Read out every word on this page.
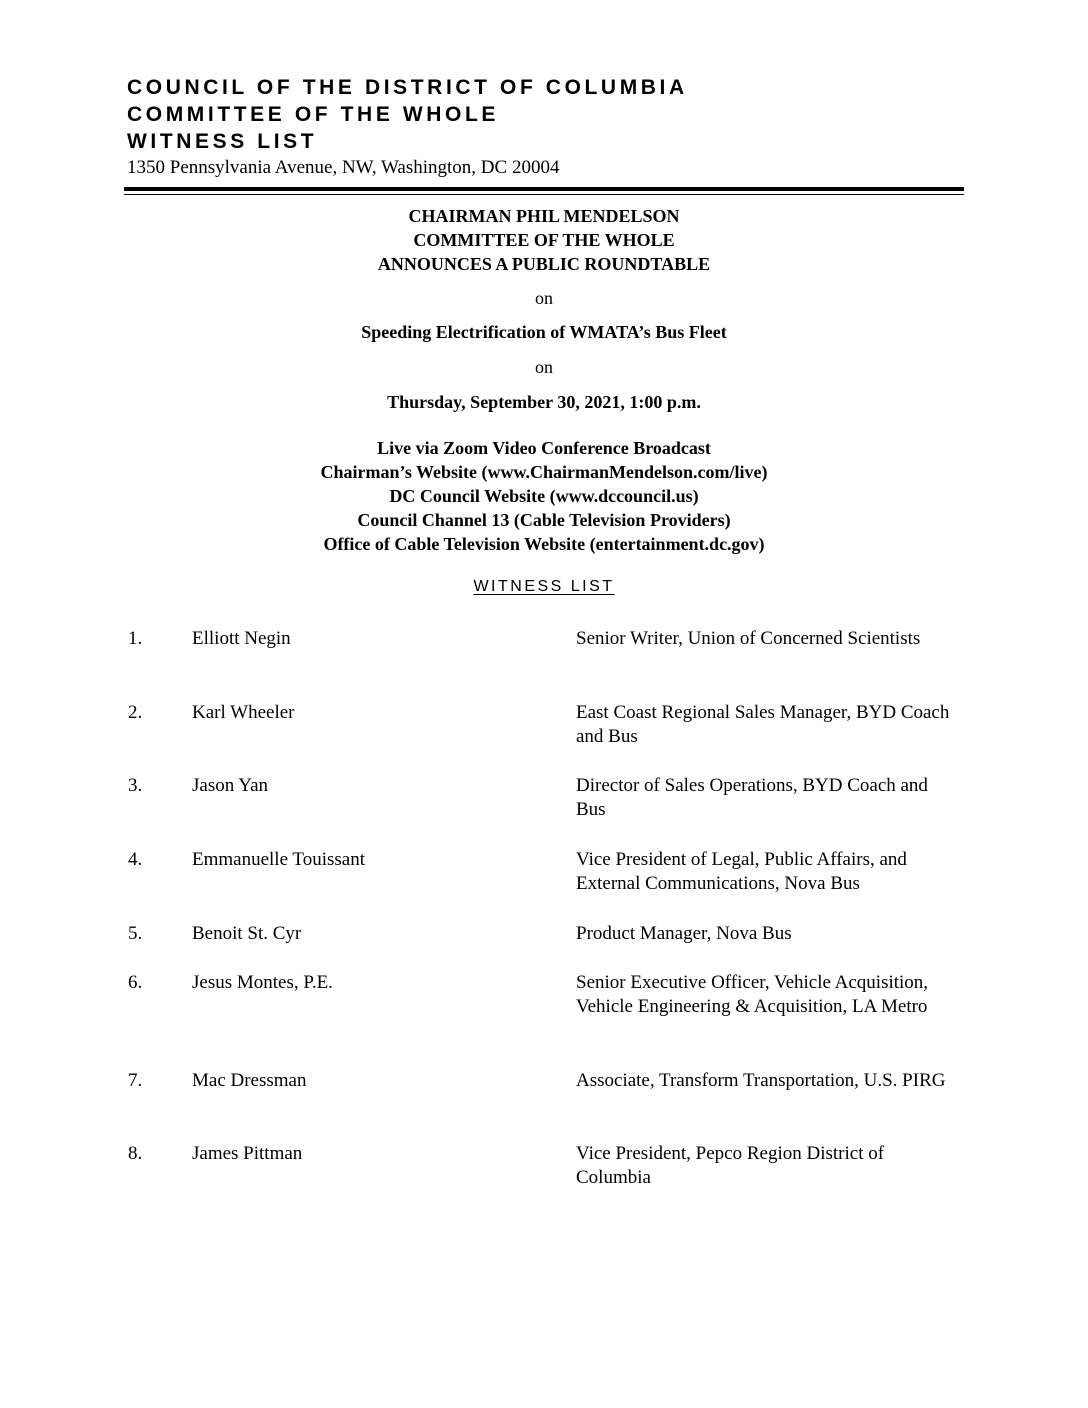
COUNCIL OF THE DISTRICT OF COLUMBIA
COMMITTEE OF THE WHOLE
WITNESS LIST
1350 Pennsylvania Avenue, NW, Washington, DC 20004
CHAIRMAN PHIL MENDELSON
COMMITTEE OF THE WHOLE
ANNOUNCES A PUBLIC ROUNDTABLE
on
Speeding Electrification of WMATA’s Bus Fleet
on
Thursday, September 30, 2021, 1:00 p.m.
Live via Zoom Video Conference Broadcast
Chairman’s Website (www.ChairmanMendelson.com/live)
DC Council Website (www.dccouncil.us)
Council Channel 13 (Cable Television Providers)
Office of Cable Television Website (entertainment.dc.gov)
WITNESS LIST
1.	Elliott Negin	Senior Writer, Union of Concerned Scientists
2.	Karl Wheeler	East Coast Regional Sales Manager, BYD Coach and Bus
3.	Jason Yan	Director of Sales Operations, BYD Coach and Bus
4.	Emmanuelle Touissant	Vice President of Legal, Public Affairs, and External Communications, Nova Bus
5.	Benoit St. Cyr	Product Manager, Nova Bus
6.	Jesus Montes, P.E.	Senior Executive Officer, Vehicle Acquisition, Vehicle Engineering & Acquisition, LA Metro
7.	Mac Dressman	Associate, Transform Transportation, U.S. PIRG
8.	James Pittman	Vice President, Pepco Region District of Columbia
